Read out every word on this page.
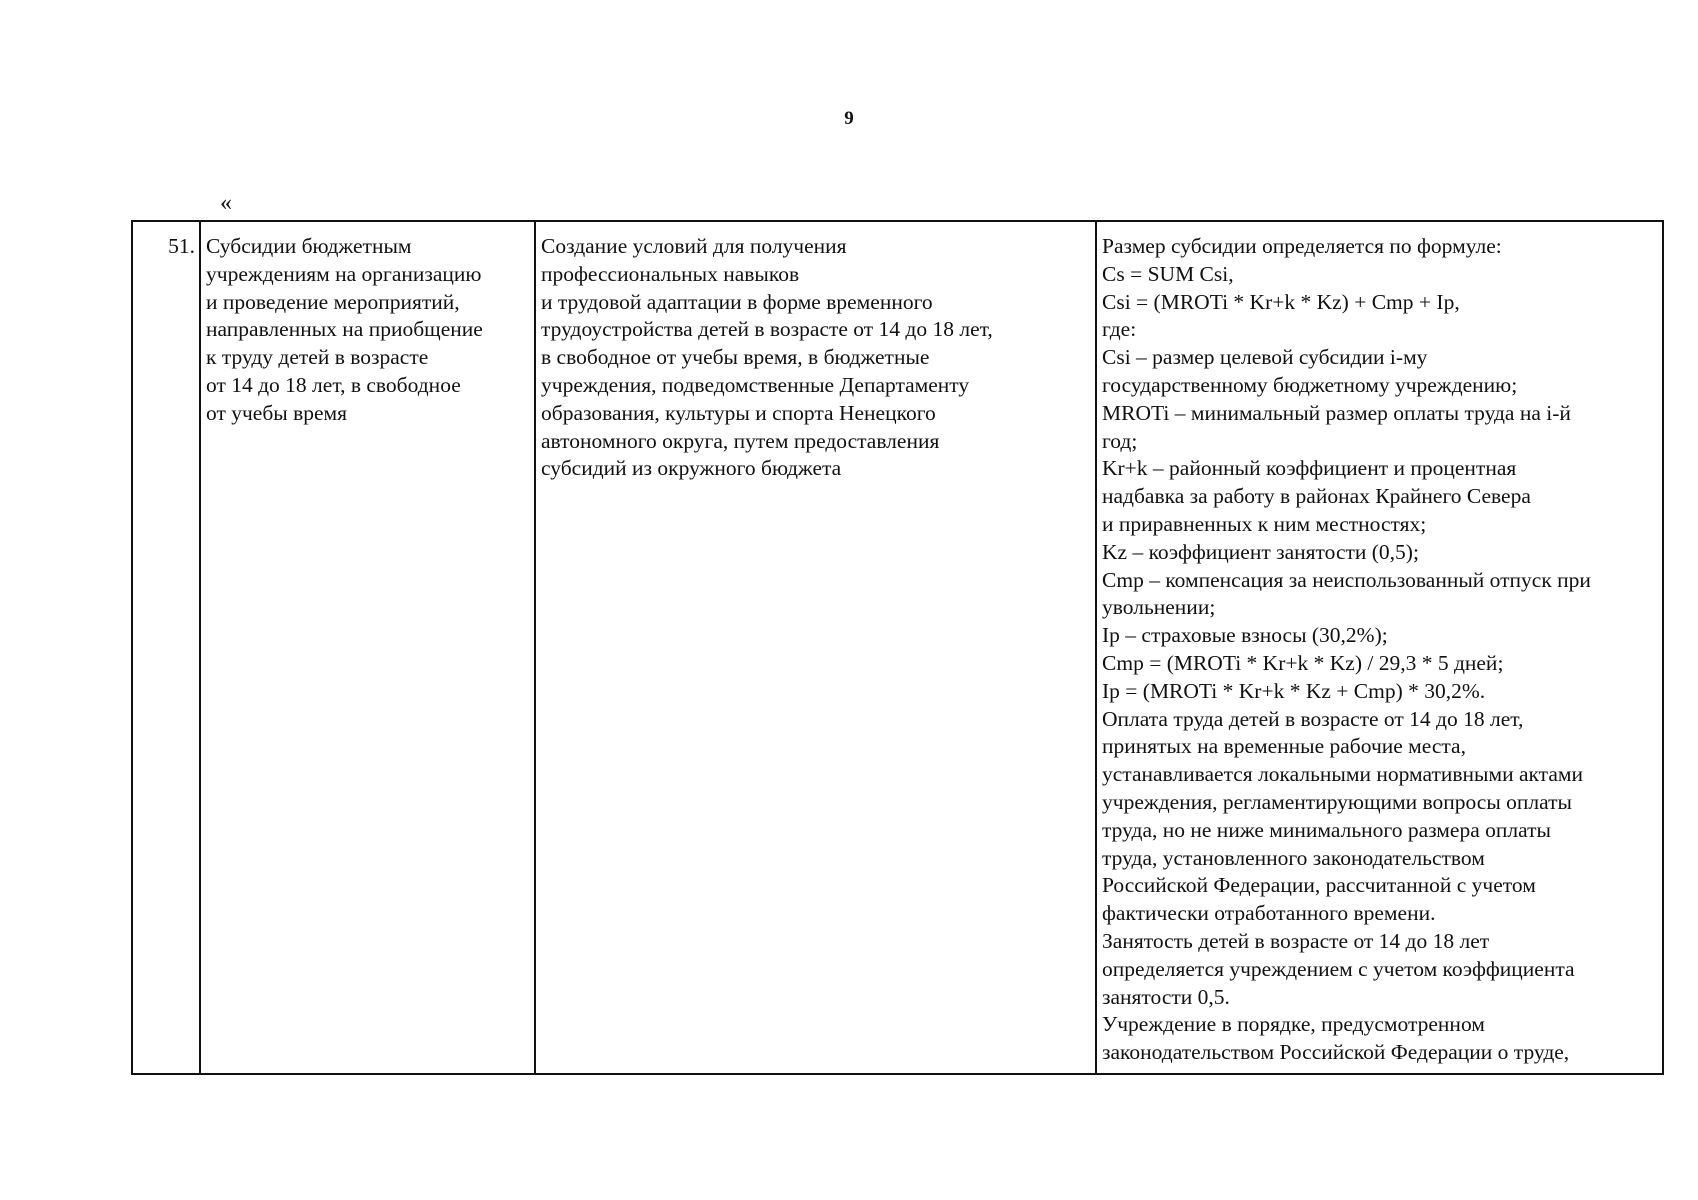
9
«
51.	Субсидии бюджетным
учреждениям на организацию
и проведение мероприятий,
направленных на приобщение
к труду детей в возрасте
от 14 до 18 лет, в свободное
от учебы время

Создание условий для получения
профессиональных навыков
и трудовой адаптации в форме временного
трудоустройства детей в возрасте от 14 до 18 лет,
в свободное от учебы время, в бюджетные
учреждения, подведомственные Департаменту
образования, культуры и спорта Ненецкого
автономного округа, путем предоставления
субсидий из окружного бюджета

Размер субсидии определяется по формуле:
Cs = SUM Csi,
Csi = (MROTi * Kr+k * Kz) + Cmp + Ip,
где:
Csi – размер целевой субсидии i-му
государственному бюджетному учреждению;
MROTi – минимальный размер оплаты труда на i-й
год;
Kr+k – районный коэффициент и процентная
надбавка за работу в районах Крайнего Севера
и приравненных к ним местностях;
Kz – коэффициент занятости (0,5);
Cmp – компенсация за неиспользованный отпуск при
увольнении;
Ip – страховые взносы (30,2%);
Cmp = (MROTi * Kr+k * Kz) / 29,3 * 5 дней;
Ip = (MROTi * Kr+k * Kz + Cmp) * 30,2%.
Оплата труда детей в возрасте от 14 до 18 лет,
принятых на временные рабочие места,
устанавливается локальными нормативными актами
учреждения, регламентирующими вопросы оплаты
труда, но не ниже минимального размера оплаты
труда, установленного законодательством
Российской Федерации, рассчитанной с учетом
фактически отработанного времени.
Занятость детей в возрасте от 14 до 18 лет
определяется учреждением с учетом коэффициента
занятости 0,5.
Учреждение в порядке, предусмотренном
законодательством Российской Федерации о труде,
